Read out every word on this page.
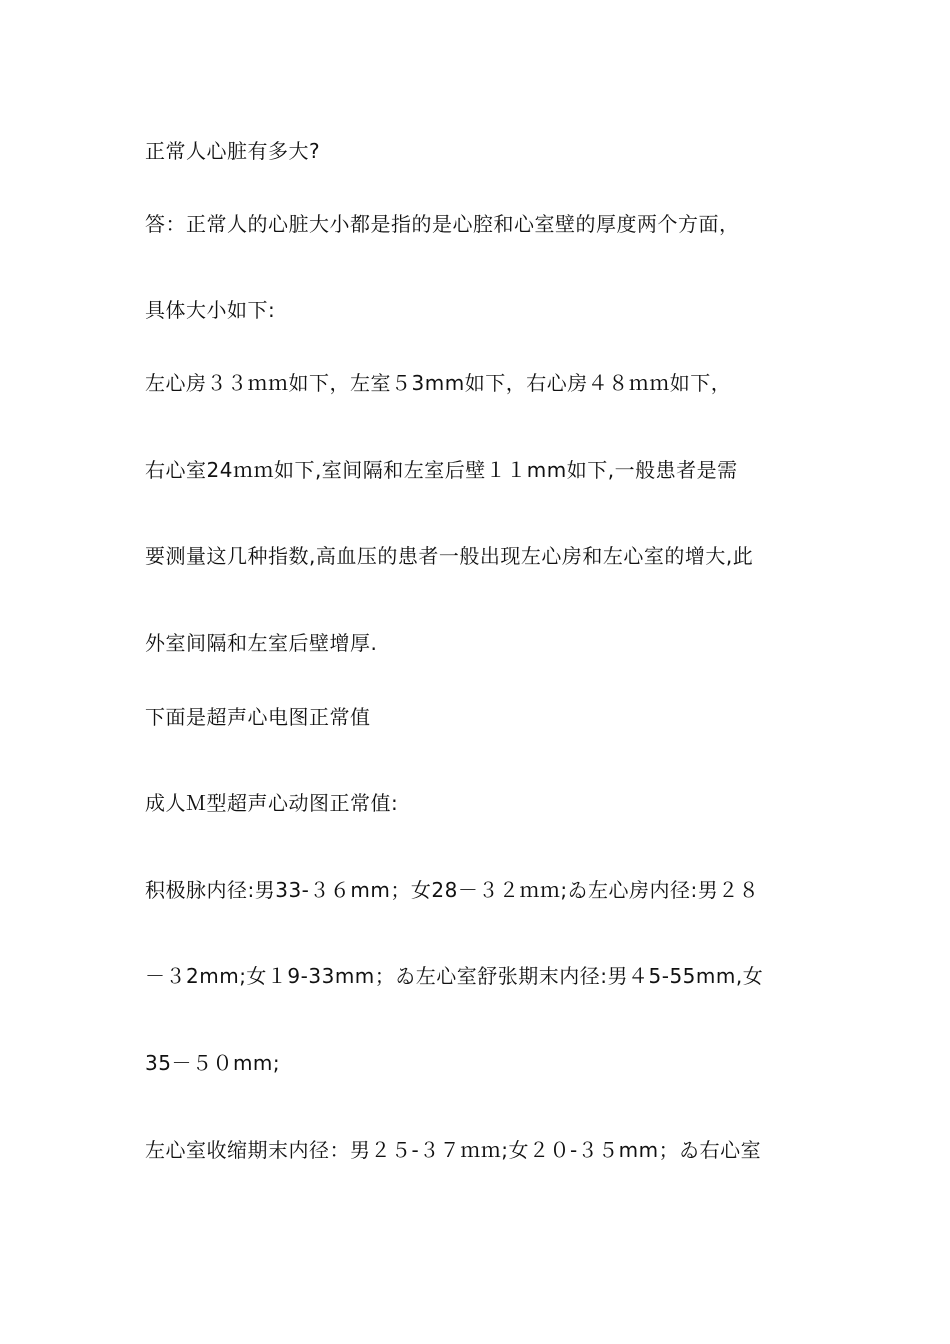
正常人心脏有多大?
答：正常人的心脏大小都是指的是心腔和心室壁的厚度两个方面，
具体大小如下:
左心房３３ｍｍ如下，左室５3mm如下，右心房４８ｍｍ如下，
右心室24ｍｍ如下,室间隔和左室后壁１１mm如下,一般患者是需
要测量这几种指数,高血压的患者一般出现左心房和左心室的增大,此
外室间隔和左室后壁增厚.
下面是超声心电图正常值
成人Ｍ型超声心动图正常值:
积极脉内径:男33-３６mm；女28－３２ｍｍ;ゐ左心房内径:男２８
－３2mm;女１9-33mm；ゐ左心室舒张期末内径:男４5-55mm,女
35－５０mm;
左心室收缩期末内径：男２５-３７ｍｍ;女２０-３５mm；ゐ右心室
